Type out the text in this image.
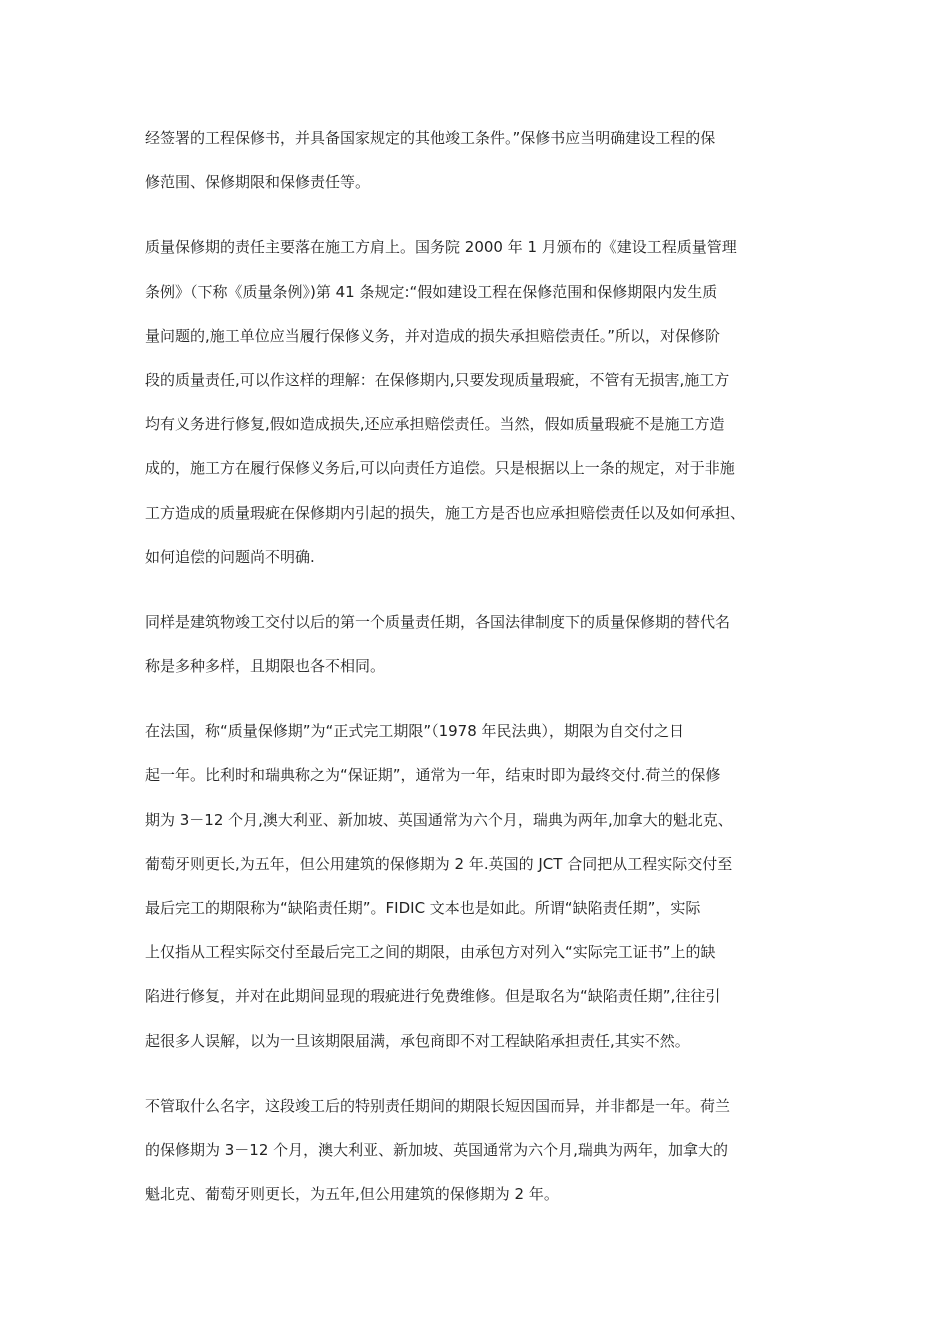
经签署的工程保修书，并具备国家规定的其他竣工条件。”保修书应当明确建设工程的保
修范围、保修期限和保修责任等。
质量保修期的责任主要落在施工方肩上。国务院 2000 年 1 月颁布的《建设工程质量管理
条例》（下称《质量条例》)第 41 条规定:“假如建设工程在保修范围和保修期限内发生质
量问题的,施工单位应当履行保修义务，并对造成的损失承担赔偿责任。”所以，对保修阶
段的质量责任,可以作这样的理解：在保修期内,只要发现质量瑕疵，不管有无损害,施工方
均有义务进行修复,假如造成损失,还应承担赔偿责任。当然，假如质量瑕疵不是施工方造
成的，施工方在履行保修义务后,可以向责任方追偿。只是根据以上一条的规定，对于非施
工方造成的质量瑕疵在保修期内引起的损失，施工方是否也应承担赔偿责任以及如何承担、
如何追偿的问题尚不明确.
同样是建筑物竣工交付以后的第一个质量责任期，各国法律制度下的质量保修期的替代名
称是多种多样，且期限也各不相同。
在法国，称“质量保修期”为“正式完工期限”（1978 年民法典），期限为自交付之日
起一年。比利时和瑞典称之为“保证期”，通常为一年，结束时即为最终交付.荷兰的保修
期为 3－12 个月,澳大利亚、新加坡、英国通常为六个月，瑞典为两年,加拿大的魁北克、
葡萄牙则更长,为五年，但公用建筑的保修期为 2 年.英国的 JCT 合同把从工程实际交付至
最后完工的期限称为“缺陷责任期”。FIDIC 文本也是如此。所谓“缺陷责任期”，实际
上仅指从工程实际交付至最后完工之间的期限，由承包方对列入“实际完工证书”上的缺
陷进行修复，并对在此期间显现的瑕疵进行免费维修。但是取名为“缺陷责任期”,往往引
起很多人误解，以为一旦该期限届满，承包商即不对工程缺陷承担责任,其实不然。
不管取什么名字，这段竣工后的特别责任期间的期限长短因国而异，并非都是一年。荷兰
的保修期为 3－12 个月，澳大利亚、新加坡、英国通常为六个月,瑞典为两年，加拿大的
魁北克、葡萄牙则更长，为五年,但公用建筑的保修期为 2 年。
